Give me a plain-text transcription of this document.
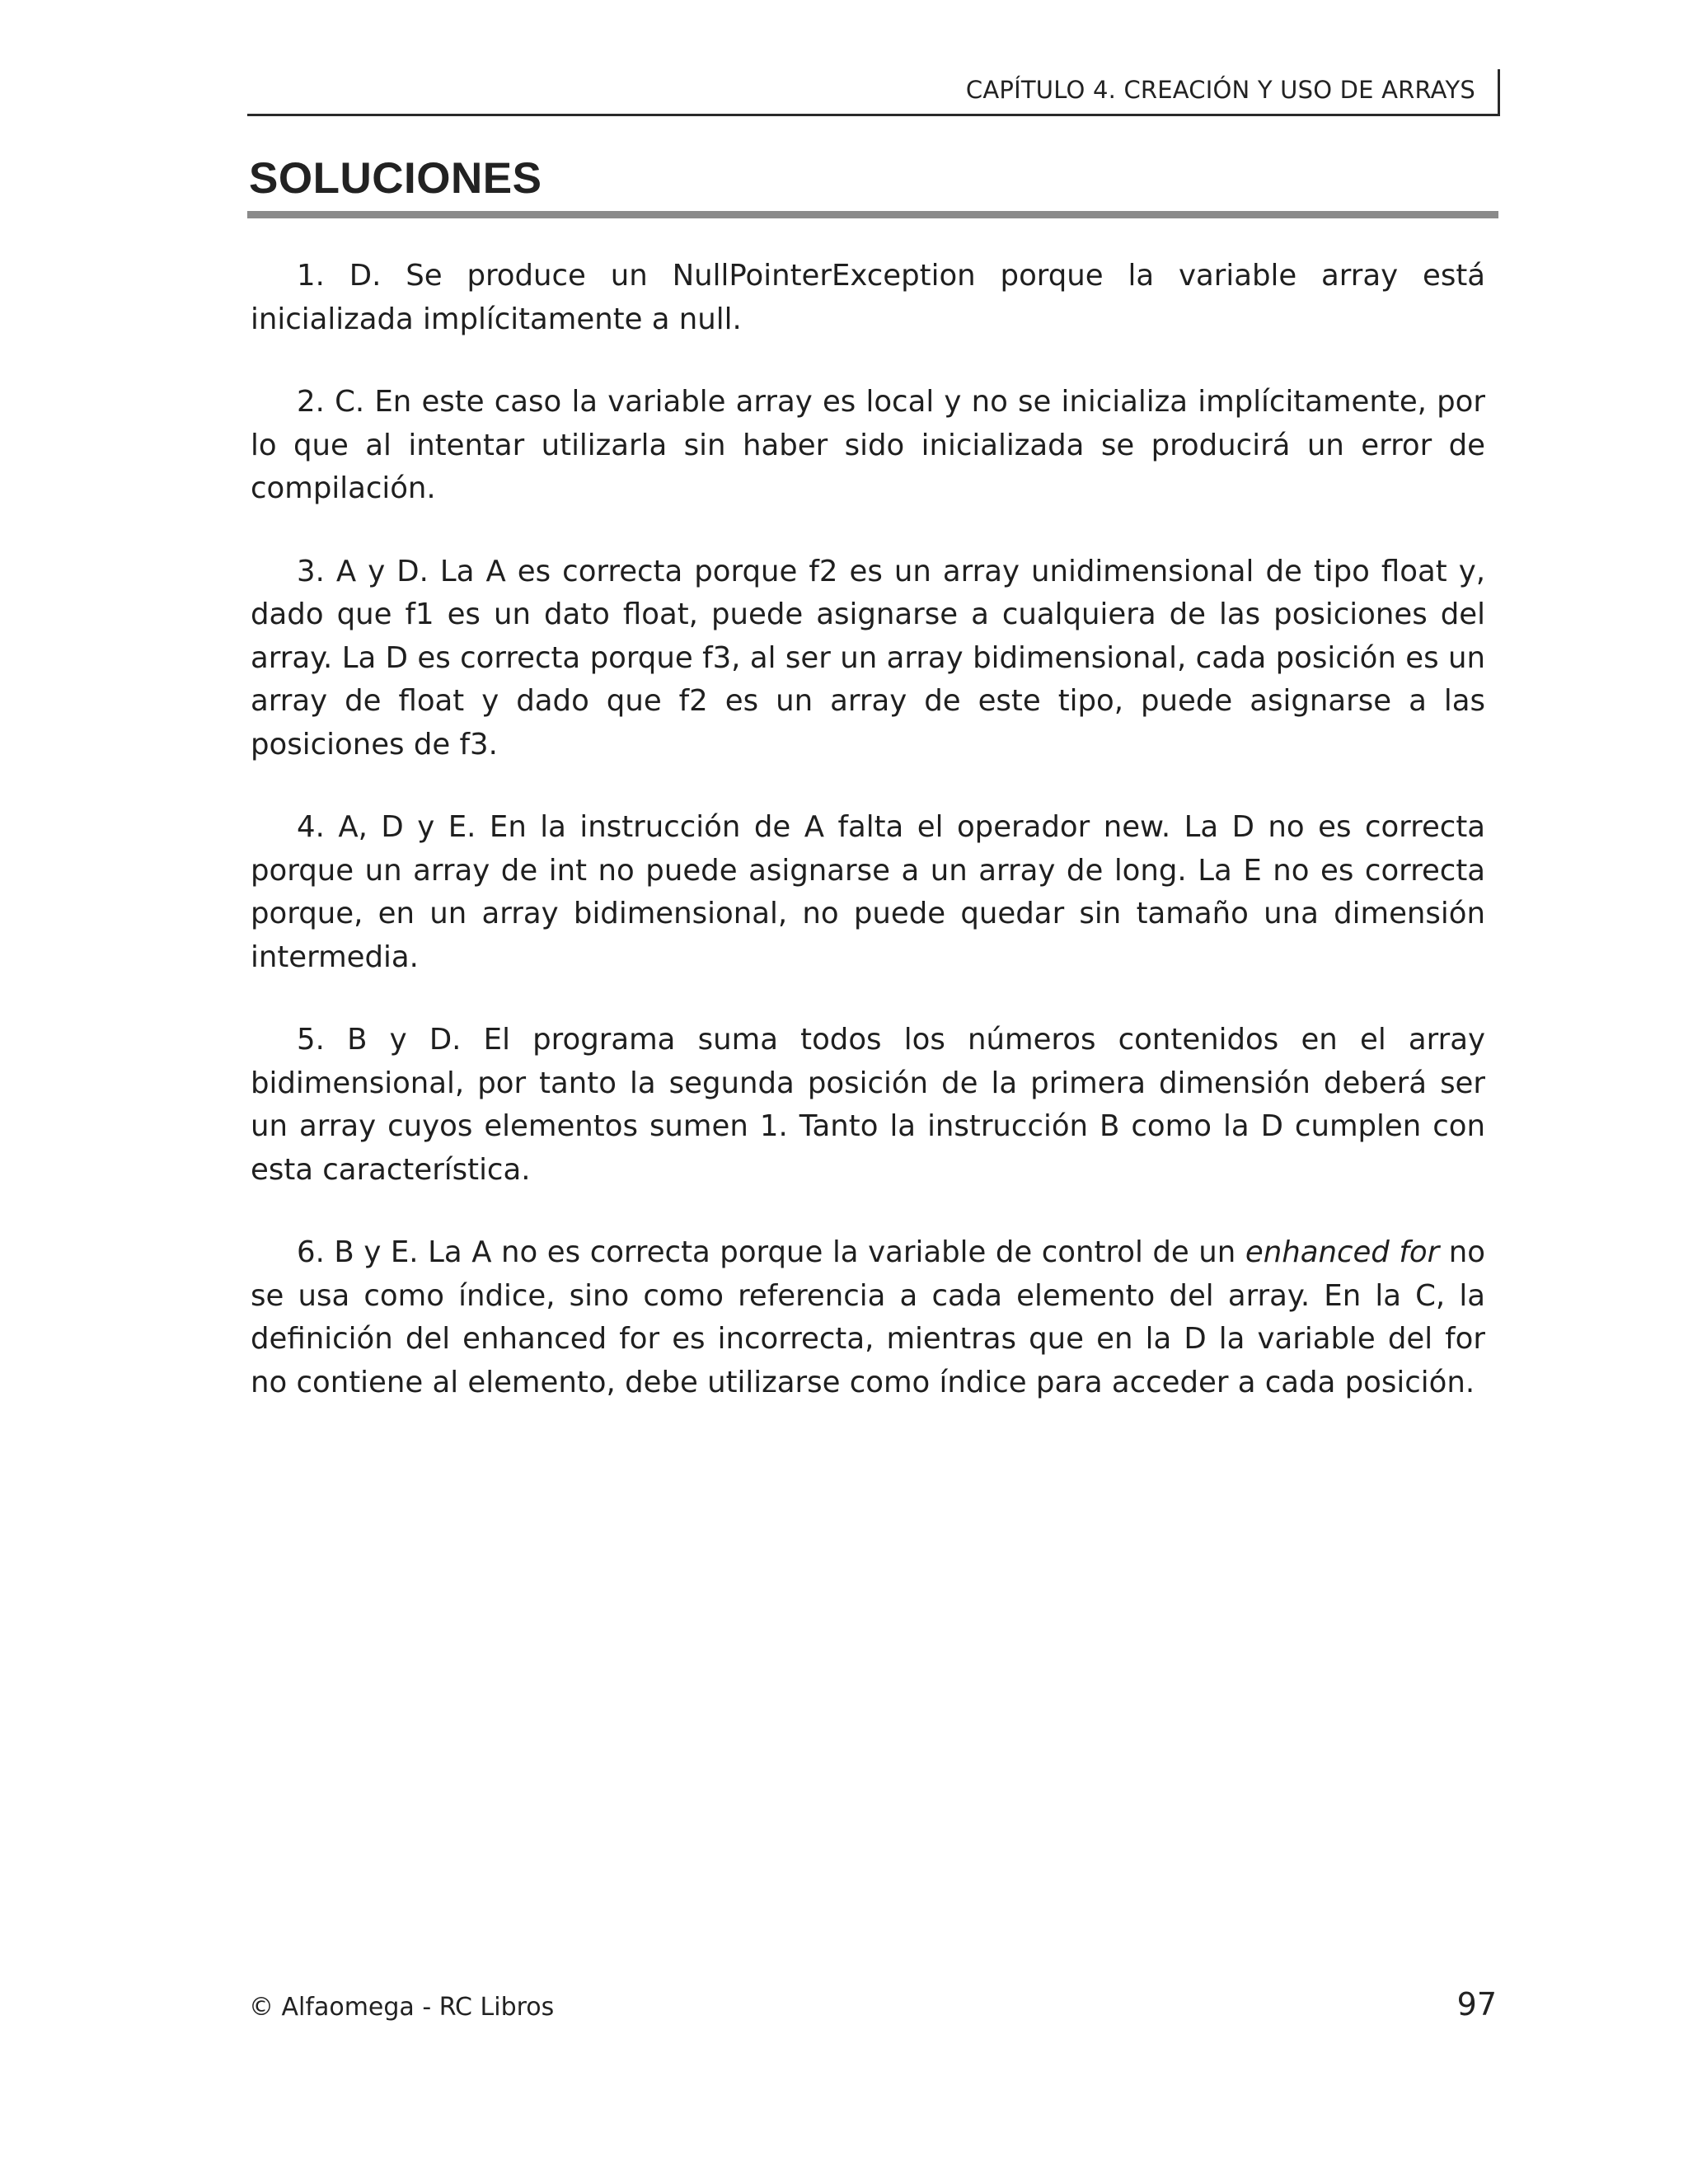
CAPÍTULO 4. CREACIÓN Y USO DE ARRAYS
SOLUCIONES

1. D. Se produce un NullPointerException porque la variable array está inicializada implícitamente a null.

2. C. En este caso la variable array es local y no se inicializa implícitamente, por lo que al intentar utilizarla sin haber sido inicializada se producirá un error de compilación.

3. A y D. La A es correcta porque f2 es un array unidimensional de tipo float y, dado que f1 es un dato float, puede asignarse a cualquiera de las posiciones del array. La D es correcta porque f3, al ser un array bidimensional, cada posición es un array de float y dado que f2 es un array de este tipo, puede asignarse a las posiciones de f3.

4. A, D y E. En la instrucción de A falta el operador new. La D no es correcta porque un array de int no puede asignarse a un array de long. La E no es correcta porque, en un array bidimensional, no puede quedar sin tamaño una dimensión intermedia.

5. B y D. El programa suma todos los números contenidos en el array bidimensional, por tanto la segunda posición de la primera dimensión deberá ser un array cuyos elementos sumen 1. Tanto la instrucción B como la D cumplen con esta característica.

6. B y E. La A no es correcta porque la variable de control de un enhanced for no se usa como índice, sino como referencia a cada elemento del array. En la C, la definición del enhanced for es incorrecta, mientras que en la D la variable del for no contiene al elemento, debe utilizarse como índice para acceder a cada posición.

© Alfaomega - RC Libros	97
